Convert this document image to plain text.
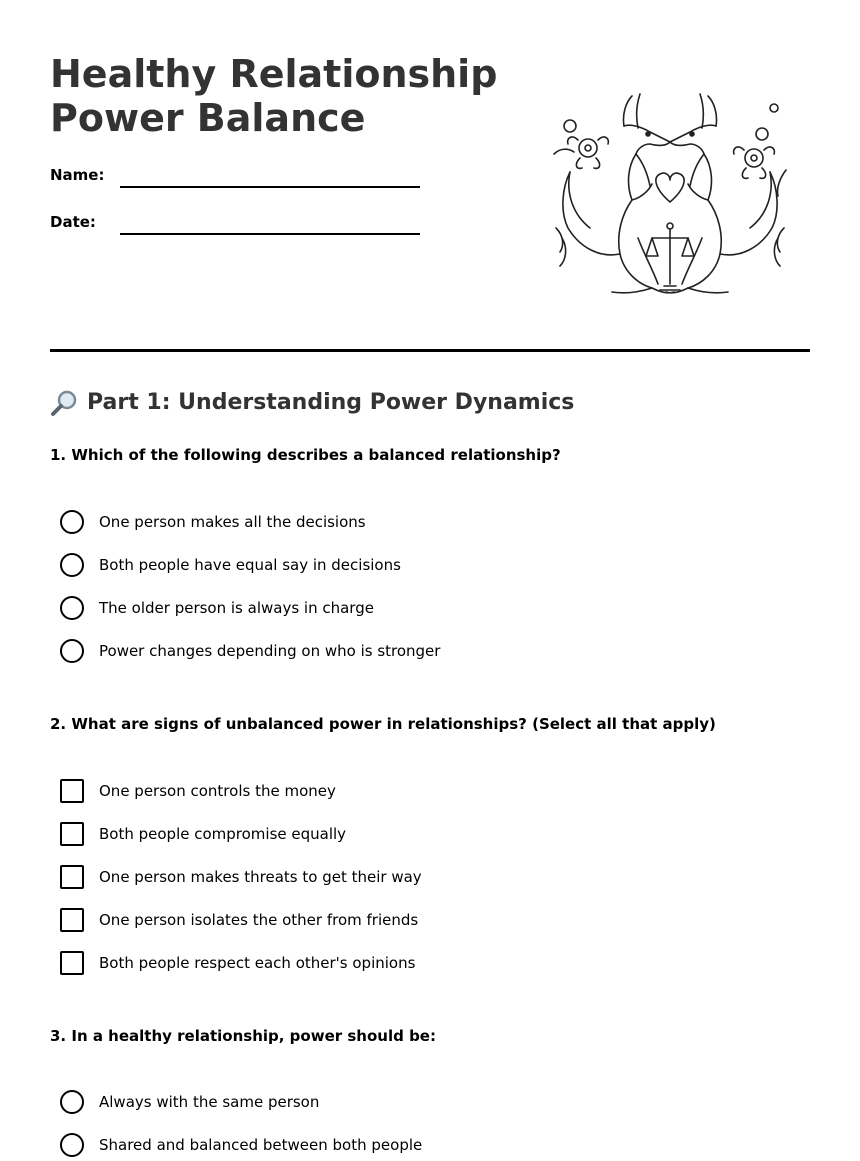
Healthy Relationship
Power Balance
Name:
Date:
Part 1: Understanding Power Dynamics

1. Which of the following describes a balanced relationship?

One person makes all the decisions
Both people have equal say in decisions
The older person is always in charge
Power changes depending on who is stronger

2. What are signs of unbalanced power in relationships? (Select all that apply)

One person controls the money
Both people compromise equally
One person makes threats to get their way
One person isolates the other from friends
Both people respect each other's opinions

3. In a healthy relationship, power should be:

Always with the same person
Shared and balanced between both people
